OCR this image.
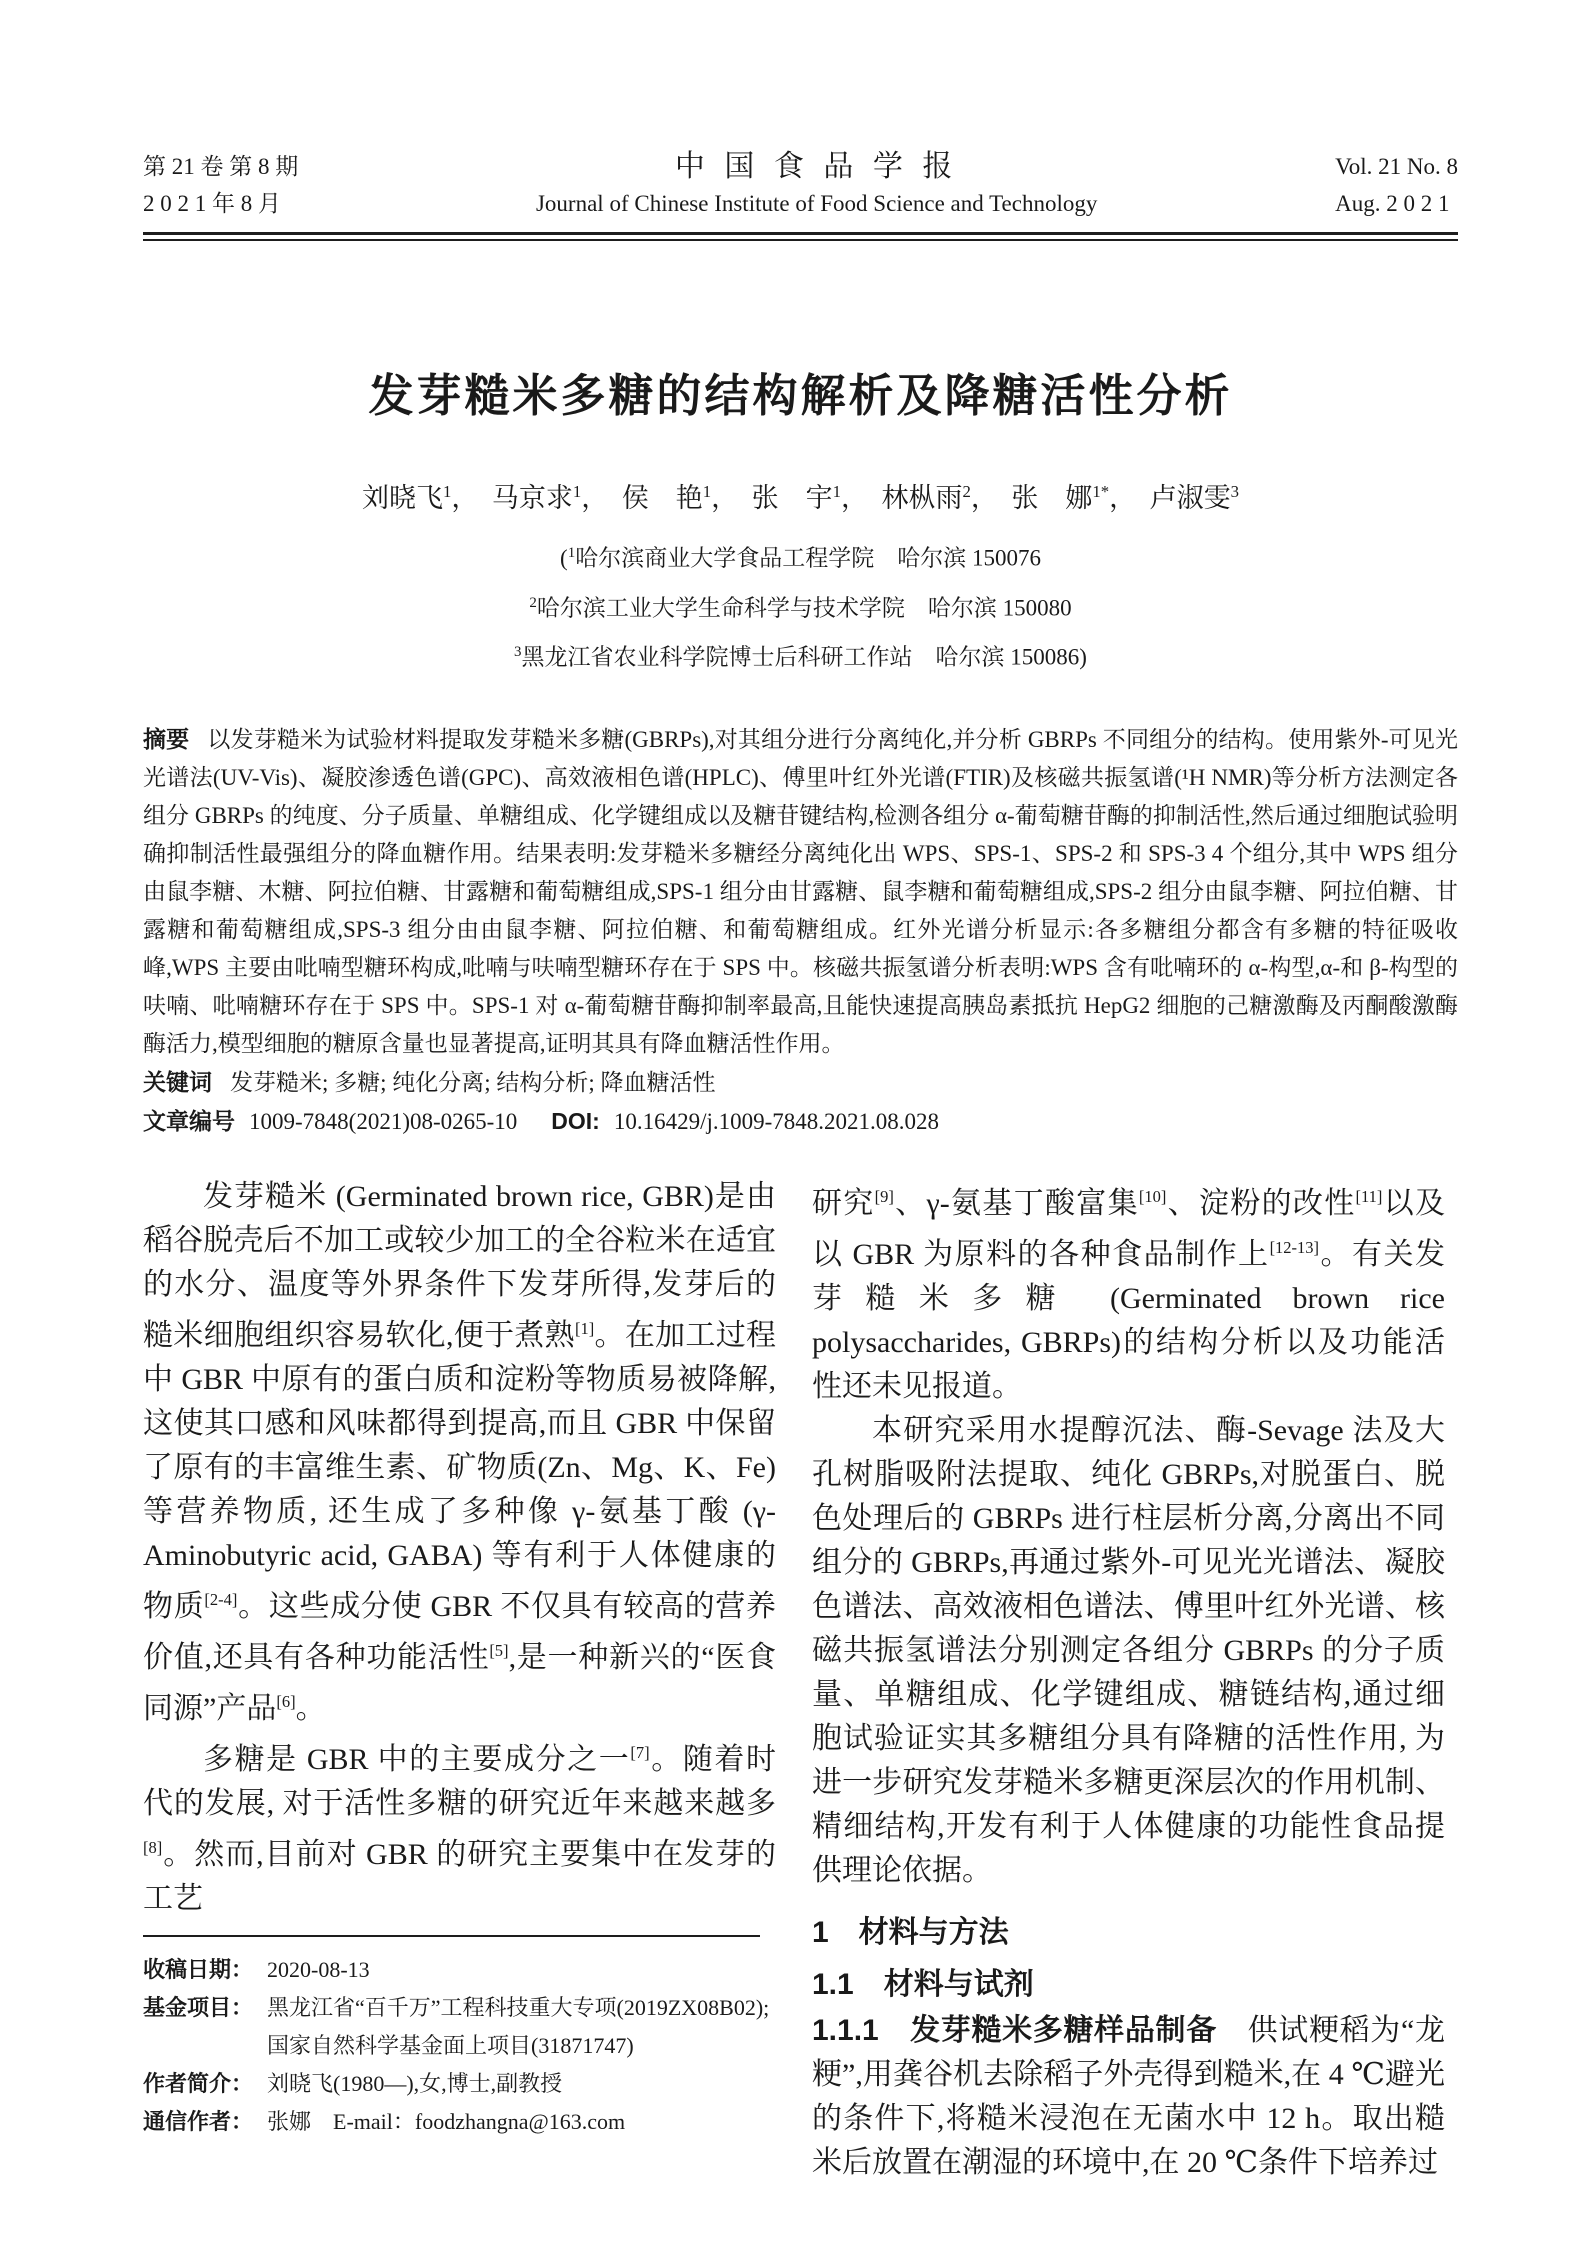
第 21 卷 第 8 期
2 0 2 1 年 8 月
中 国 食 品 学 报
Journal of Chinese Institute of Food Science and Technology
Vol. 21 No. 8
Aug. 2 0 2 1
发芽糙米多糖的结构解析及降糖活性分析
刘晓飞$^1$，　马京求$^1$，　侯　艳$^1$，　张　宇$^1$，　林枞雨$^2$，　张　娜$^{1*}$，　卢淑雯$^3$
($^1$哈尔滨商业大学食品工程学院　哈尔滨 150076
$^2$哈尔滨工业大学生命科学与技术学院　哈尔滨 150080
$^3$黑龙江省农业科学院博士后科研工作站　哈尔滨 150086)

摘要 以发芽糙米为试验材料提取发芽糙米多糖(GBRPs),对其组分进行分离纯化,并分析 GBRPs 不同组分的结构。使用紫外-可见光光谱法(UV-Vis)、凝胶渗透色谱(GPC)、高效液相色谱(HPLC)、傅里叶红外光谱(FTIR)及核磁共振氢谱(¹H NMR)等分析方法测定各组分 GBRPs 的纯度、分子质量、单糖组成、化学键组成以及糖苷键结构,检测各组分 α-葡萄糖苷酶的抑制活性,然后通过细胞试验明确抑制活性最强组分的降血糖作用。结果表明:发芽糙米多糖经分离纯化出 WPS、SPS-1、SPS-2 和 SPS-3 4 个组分,其中 WPS 组分由鼠李糖、木糖、阿拉伯糖、甘露糖和葡萄糖组成,SPS-1 组分由甘露糖、鼠李糖和葡萄糖组成,SPS-2 组分由鼠李糖、阿拉伯糖、甘露糖和葡萄糖组成,SPS-3 组分由由鼠李糖、阿拉伯糖、和葡萄糖组成。红外光谱分析显示:各多糖组分都含有多糖的特征吸收峰,WPS 主要由吡喃型糖环构成,吡喃与呋喃型糖环存在于 SPS 中。核磁共振氢谱分析表明:WPS 含有吡喃环的 α-构型,α-和 β-构型的呋喃、吡喃糖环存在于 SPS 中。SPS-1 对 α-葡萄糖苷酶抑制率最高,且能快速提高胰岛素抵抗 HepG2 细胞的己糖激酶及丙酮酸激酶酶活力,模型细胞的糖原含量也显著提高,证明其具有降血糖活性作用。

关键词 发芽糙米; 多糖; 纯化分离; 结构分析; 降血糖活性

文章编号 1009-7848(2021)08-0265-10 DOI: 10.16429/j.1009-7848.2021.08.028

发芽糙米 (Germinated brown rice, GBR)是由稻谷脱壳后不加工或较少加工的全谷粒米在适宜的水分、温度等外界条件下发芽所得,发芽后的糙米细胞组织容易软化,便于煮熟[1]。在加工过程中 GBR 中原有的蛋白质和淀粉等物质易被降解,这使其口感和风味都得到提高,而且 GBR 中保留了原有的丰富维生素、矿物质(Zn、Mg、K、Fe)等营养物质, 还生成了多种像 γ-氨基丁酸 (γ-Aminobutyric acid, GABA) 等有利于人体健康的物质[2-4]。这些成分使 GBR 不仅具有较高的营养价值,还具有各种功能活性[5],是一种新兴的“医食同源”产品[6]。

多糖是 GBR 中的主要成分之一[7]。随着时代的发展, 对于活性多糖的研究近年来越来越多[8]。然而,目前对 GBR 的研究主要集中在发芽的工艺

收稿日期： 2020-08-13
基金项目： 黑龙江省“百千万”工程科技重大专项(2019ZX08B02);国家自然科学基金面上项目(31871747)
作者简介： 刘晓飞(1980—),女,博士,副教授
通信作者： 张娜　E-mail：foodzhangna@163.com

研究[9]、γ-氨基丁酸富集[10]、淀粉的改性[11]以及以 GBR 为原料的各种食品制作上[12-13]。有关发芽糙米多糖 (Germinated brown rice polysaccharides, GBRPs)的结构分析以及功能活性还未见报道。

本研究采用水提醇沉法、酶-Sevage 法及大孔树脂吸附法提取、纯化 GBRPs,对脱蛋白、脱色处理后的 GBRPs 进行柱层析分离,分离出不同组分的 GBRPs,再通过紫外-可见光光谱法、凝胶色谱法、高效液相色谱法、傅里叶红外光谱、核磁共振氢谱法分别测定各组分 GBRPs 的分子质量、单糖组成、化学键组成、糖链结构,通过细胞试验证实其多糖组分具有降糖的活性作用, 为进一步研究发芽糙米多糖更深层次的作用机制、精细结构,开发有利于人体健康的功能性食品提供理论依据。

1　材料与方法
1.1　材料与试剂

1.1.1　发芽糙米多糖样品制备　供试粳稻为“龙粳”,用龚谷机去除稻子外壳得到糙米,在 4 ℃避光的条件下,将糙米浸泡在无菌水中 12 h。取出糙米后放置在潮湿的环境中,在 20 ℃条件下培养过
